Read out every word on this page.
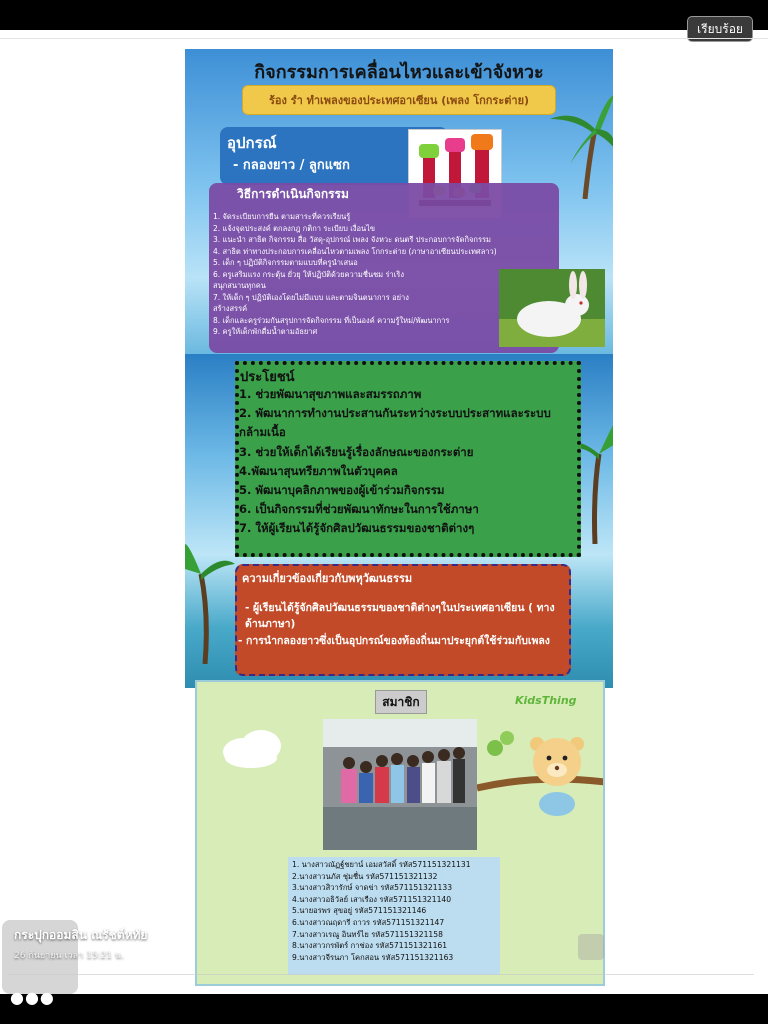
เรียบร้อย
กิจกรรมการเคลื่อนไหวและเข้าจังหวะ
ร้อง รำ ทำเพลงของประเทศอาเซียน (เพลง โกกระต่าย)
อุปกรณ์
- กลองยาว / ลูกแซก
วิธีการดำเนินกิจกรรม
1. จัดระเบียบการยืน ตามสาระที่ควรเรียนรู้
2. แจ้งจุดประสงค์ ตกลงกฎ กติกา ระเบียบ เงื่อนไข
3. แนะนำ สาธิต กิจกรรม สื่อ วัสดุ-อุปกรณ์ เพลง จังหวะ ดนตรี ประกอบการจัดกิจกรรม
4. สาธิต ท่าทางประกอบการเคลื่อนไหวตามเพลง โกกระต่าย (ภาษาอาเซียนประเทศลาว)
5. เด็ก ๆ ปฏิบัติกิจกรรมตามแบบที่ครูนำเสนอ
6. ครูเสริมแรง กระตุ้น ยั่วยุ ให้ปฏิบัติด้วยความชื่นชม ร่าเริง
สนุกสนานทุกคน
7. ให้เด็ก ๆ ปฏิบัติเองโดยไม่มีแบบ และตามจินตนาการ อย่าง
สร้างสรรค์
8. เด็กและครูร่วมกันสรุปการจัดกิจกรรม ที่เป็นองค์ ความรู้ใหม่/พัฒนาการ
9. ครูให้เด็กพักดื่มน้ำตามอัธยาศ
ประโยชน์
1. ช่วยพัฒนาสุขภาพและสมรรถภาพ
2. พัฒนาการทำงานประสานกันระหว่างระบบประสาทและระบบกล้ามเนื้อ
3. ช่วยให้เด็กได้เรียนรู้เรื่องลักษณะของกระต่าย
4.พัฒนาสุนทรียภาพในตัวบุคคล
5. พัฒนาบุคลิกภาพของผู้เข้าร่วมกิจกรรม
6. เป็นกิจกรรมที่ช่วยพัฒนาทักษะในการใช้ภาษา
7. ให้ผู้เรียนได้รู้จักศิลปวัฒนธรรมของชาติต่างๆ
ความเกี่ยวข้องเกี่ยวกับพหุวัฒนธรรม
- ผู้เรียนได้รู้จักศิลปวัฒนธรรมของชาติต่างๆในประเทศอาเซียน ( ทางด้านภาษา)
- การนำกลองยาวซึ่งเป็นอุปกรณ์ของท้องถิ่นมาประยุกต์ใช้ร่วมกับเพลง
สมาชิก	KidsThing
1. นางสาวณัฏฐ์ชยาน์ เอมสวัสดิ์ รหัส571151321131
2.นางสาวนภัส ชุ่มชื่น รหัส571151321132
3.นางสาวสิวารักษ์ จาดข่า รหัส571151321133
4.นางสาวอธิวัลย์ เสาเรือง รหัส571151321140
5.นายอรพร สุขอยู่ รหัส571151321146
6.นางสาวณฤดารี ถาวร รหัส571151321147
7.นางสาวเรณู อินทร์ไย รหัส571151321158
8.นางสาวกรพัตร์ กาช่อง รหัส571151321161
9.นางสาวจีรนภา โคกสอน รหัส571151321163
กระปุกออมสิน ณรัชต์หทัย
26 กันยายน เวลา 15:21 น.
●●●
